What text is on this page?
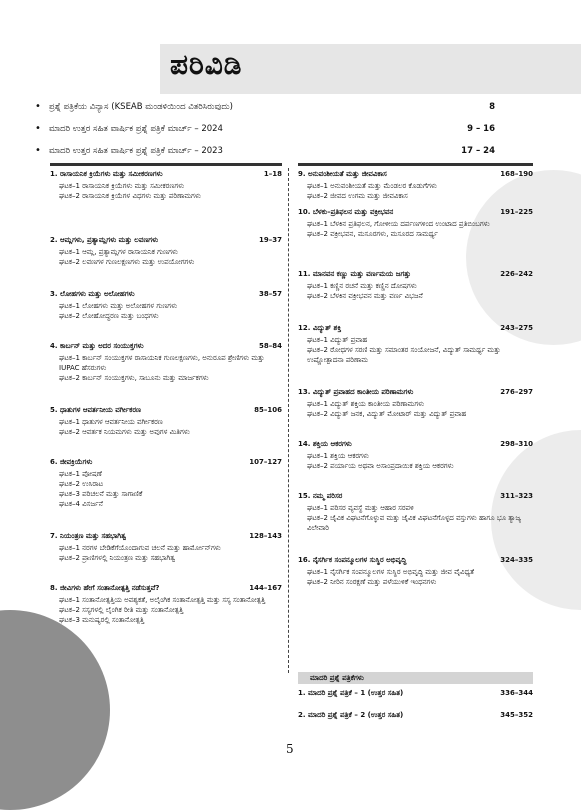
ಪರಿವಿಡಿ
• ಪ್ರಶ್ನೆ ಪತ್ರಿಕೆಯ ವಿನ್ಯಾಸ (KSEAB ಮಂಡಳಿಯಿಂದ ವಿತರಿಸಿರುವುದು)	8
• ಮಾದರಿ ಉತ್ತರ ಸಹಿತ ವಾರ್ಷಿಕ ಪ್ರಶ್ನೆ ಪತ್ರಿಕೆ ಮಾರ್ಚ್ – 2024	9 – 16
• ಮಾದರಿ ಉತ್ತರ ಸಹಿತ ವಾರ್ಷಿಕ ಪ್ರಶ್ನೆ ಪತ್ರಿಕೆ ಮಾರ್ಚ್ – 2023	17 – 24
1. ರಾಸಾಯನಿಕ ಕ್ರಿಯೆಗಳು ಮತ್ತು ಸಮೀಕರಣಗಳು	1–18
ಘಟಕ–1 ರಾಸಾಯನಿಕ ಕ್ರಿಯೆಗಳು ಮತ್ತು ಸಮೀಕರಣಗಳು
ಘಟಕ–2 ರಾಸಾಯನಿಕ ಕ್ರಿಯೆಗಳ ವಿಧಗಳು ಮತ್ತು ಪರಿಣಾಮಗಳು
2. ಆಮ್ಲಗಳು, ಪ್ರತ್ಯಾಮ್ಲಗಳು ಮತ್ತು ಲವಣಗಳು	19–37
ಘಟಕ–1 ಆಮ್ಲ, ಪ್ರತ್ಯಾಮ್ಲಗಳ ರಾಸಾಯನಿಕ ಗುಣಗಳು
ಘಟಕ–2 ಲವಣಗಳ ಗುಣಲಕ್ಷಣಗಳು ಮತ್ತು ಉಪಯೋಗಗಳು
3. ಲೋಹಗಳು ಮತ್ತು ಅಲೋಹಗಳು	38–57
ಘಟಕ–1 ಲೋಹಗಳು ಮತ್ತು ಅಲೋಹಗಳ ಗುಣಗಳು
ಘಟಕ–2 ಲೋಹೋದ್ಧರಣ ಮತ್ತು ಬಂಧಗಳು
4. ಕಾರ್ಬನ್ ಮತ್ತು ಅದರ ಸಂಯುಕ್ತಗಳು	58–84
ಘಟಕ–1 ಕಾರ್ಬನ್ ಸಂಯುಕ್ತಗಳ ರಾಸಾಯನಿಕ ಗುಣಲಕ್ಷಣಗಳು, ಅನುರೂಪ ಶ್ರೇಣಿಗಳು ಮತ್ತು IUPAC ಹೆಸರುಗಳು
ಘಟಕ–2 ಕಾರ್ಬನ್ ಸಂಯುಕ್ತಗಳು, ಸಾಬೂನು ಮತ್ತು ಮಾರ್ಜಕಗಳು
5. ಧಾತುಗಳ ಆವರ್ತನೀಯ ವರ್ಗೀಕರಣ	85–106
ಘಟಕ–1 ಧಾತುಗಳ ಆವರ್ತನೀಯ ವರ್ಗೀಕರಣ
ಘಟಕ–2 ಆವರ್ತಕ ನಿಯಮಗಳು ಮತ್ತು ಅವುಗಳ ಮಿತಿಗಳು
6. ಜೀವಕ್ರಿಯೆಗಳು	107–127
ಘಟಕ–1 ಪೋಷಣೆ
ಘಟಕ–2 ಉಸಿರಾಟ
ಘಟಕ–3 ಪರಿಚಲನೆ ಮತ್ತು ಸಾಗಾಣಿಕೆ
ಘಟಕ–4 ವಿಸರ್ಜನೆ
7. ನಿಯಂತ್ರಣ ಮತ್ತು ಸಹಭಾಗಿತ್ವ	128–143
ಘಟಕ–1 ನರಗಳ ಬೇಡಿಕೆಗೆಯೊಂದಾಗುವ ಚಲನೆ ಮತ್ತು ಹಾರ್ಮೋನ್‌ಗಳು
ಘಟಕ–2 ಪ್ರಾಣಿಗಳಲ್ಲಿ ನಿಯಂತ್ರಣ ಮತ್ತು ಸಹಭಾಗಿತ್ವ
8. ಜೀವಿಗಳು ಹೇಗೆ ಸಂತಾನೋತ್ಪತ್ತಿ ನಡೆಸುತ್ತವೆ?	144–167
ಘಟಕ–1 ಸಂತಾನೋತ್ಪತ್ತಿಯ ಅವಶ್ಯಕತೆ, ಅಲೈಂಗಿಕ ಸಂತಾನೋತ್ಪತ್ತಿ ಮತ್ತು ಸಸ್ಯ ಸಂತಾನೋತ್ಪತ್ತಿ
ಘಟಕ–2 ಸಸ್ಯಗಳಲ್ಲಿ ಲೈಂಗಿಕ ರೀತಿ ಮತ್ತು ಸಂತಾನೋತ್ಪತ್ತಿ
ಘಟಕ–3 ಮನುಷ್ಯರಲ್ಲಿ ಸಂತಾನೋತ್ಪತ್ತಿ
9. ಅನುವಂಶೀಯತೆ ಮತ್ತು ಜೀವವಿಕಾಸ	168–190
ಘಟಕ–1 ಅನುವಂಶೀಯತೆ ಮತ್ತು ಮೆಂಡಲರ ಕೊಡುಗೆಗಳು
ಘಟಕ–2 ಜೀವದ ಉಗಮ ಮತ್ತು ಜೀವವಿಕಾಸ
10. ಬೆಳಕು–ಪ್ರತಿಫಲನ ಮತ್ತು ವಕ್ರೀಭವನ	191–225
ಘಟಕ–1 ಬೆಳಕಿನ ಪ್ರತಿಫಲನ, ಗೋಳೀಯ ದರ್ಪಣಗಳಿಂದ ಉಂಟಾದ ಪ್ರತಿಬಿಂಬಗಳು
ಘಟಕ–2 ವಕ್ರೀಭವನ, ಮಸೂರಗಳು, ಮಸೂರದ ಸಾಮರ್ಥ್ಯ
11. ಮಾನವನ ಕಣ್ಣು ಮತ್ತು ವರ್ಣಮಯ ಜಗತ್ತು	226–242
ಘಟಕ–1 ಕಣ್ಣಿನ ರಚನೆ ಮತ್ತು ಕಣ್ಣಿನ ದೋಷಗಳು
ಘಟಕ–2 ಬೆಳಕಿನ ವಕ್ರೀಭವನ ಮತ್ತು ವರ್ಣ ವಿಭಜನೆ
12. ವಿದ್ಯುತ್ ಶಕ್ತಿ	243–275
ಘಟಕ–1 ವಿದ್ಯುತ್ ಪ್ರವಾಹ
ಘಟಕ–2 ರೋಧಗಳ ಸರಣಿ ಮತ್ತು ಸಮಾಂತರ ಸಂಯೋಜನೆ, ವಿದ್ಯುತ್ ಸಾಮರ್ಥ್ಯ ಮತ್ತು ಉಷ್ಣೋತ್ಪಾದನಾ ಪರಿಣಾಮ
13. ವಿದ್ಯುತ್ ಪ್ರವಾಹದ ಕಾಂತೀಯ ಪರಿಣಾಮಗಳು	276–297
ಘಟಕ–1 ವಿದ್ಯುತ್ ಶಕ್ತಿಯ ಕಾಂತೀಯ ಪರಿಣಾಮಗಳು
ಘಟಕ–2 ವಿದ್ಯುತ್ ಜನಕ, ವಿದ್ಯುತ್ ಮೋಟಾರ್ ಮತ್ತು ವಿದ್ಯುತ್ ಪ್ರವಾಹ
14. ಶಕ್ತಿಯ ಆಕರಗಳು	298–310
ಘಟಕ–1 ಶಕ್ತಿಯ ಆಕರಗಳು
ಘಟಕ–2 ಪರ್ಯಾಯ ಅಥವಾ ಅಸಾಂಪ್ರದಾಯಿಕ ಶಕ್ತಿಯ ಆಕರಗಳು
15. ನಮ್ಮ ಪರಿಸರ	311–323
ಘಟಕ–1 ಪರಿಸರ ವ್ಯವಸ್ಥೆ ಮತ್ತು ಆಹಾರ ಸರಪಳಿ
ಘಟಕ–2 ಜೈವಿಕ ವಿಘಟನೆಗೊಳ್ಳುವ ಮತ್ತು ಜೈವಿಕ ವಿಘಟನೆಗೊಳ್ಳದ ವಸ್ತುಗಳು ಹಾಗೂ ಭೂ ತ್ಯಾಜ್ಯ ವಿಲೇವಾರಿ
16. ನೈಸರ್ಗಿಕ ಸಂಪನ್ಮೂಲಗಳ ಸುಸ್ಥಿರ ಅಭಿವೃದ್ಧಿ	324–335
ಘಟಕ–1 ನೈಸರ್ಗಿಕ ಸಂಪನ್ಮೂಲಗಳ ಸುಸ್ಥಿರ ಅಭಿವೃದ್ಧಿ ಮತ್ತು ಜೀವ ವೈವಿಧ್ಯತೆ
ಘಟಕ–2 ನೀರಿನ ಸಂರಕ್ಷಣೆ ಮತ್ತು ಪಳೆಯುಳಿಕೆ ಇಂಧನಗಳು
ಮಾದರಿ ಪ್ರಶ್ನೆ ಪತ್ರಿಕೆಗಳು
1. ಮಾದರಿ ಪ್ರಶ್ನೆ ಪತ್ರಿಕೆ – 1 (ಉತ್ತರ ಸಹಿತ)	336–344
2. ಮಾದರಿ ಪ್ರಶ್ನೆ ಪತ್ರಿಕೆ – 2 (ಉತ್ತರ ಸಹಿತ)	345–352
5
